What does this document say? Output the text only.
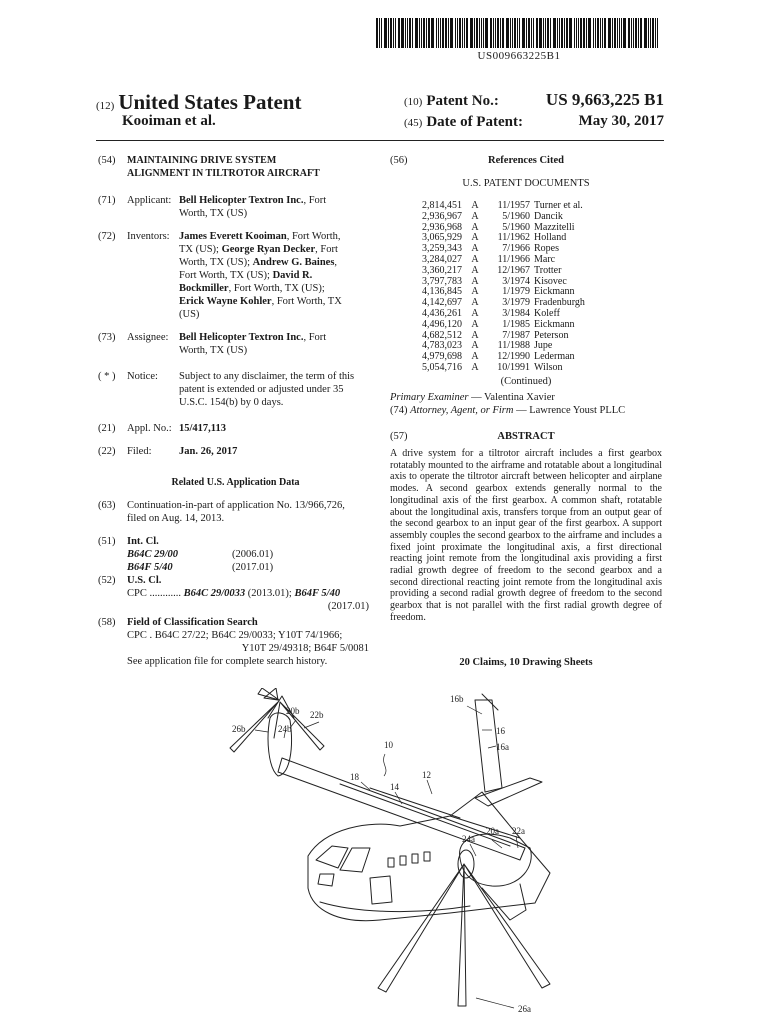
US009663225B1
(12) United States Patent
Kooiman et al.
(10) Patent No.:	US 9,663,225 B1
(45) Date of Patent:	May 30, 2017
(54)	MAINTAINING DRIVE SYSTEM
ALIGNMENT IN TILTROTOR AIRCRAFT
(71)	Applicant: Bell Helicopter Textron Inc., Fort
Worth, TX (US)
(72)	Inventors: James Everett Kooiman, Fort Worth,
TX (US); George Ryan Decker, Fort
Worth, TX (US); Andrew G. Baines,
Fort Worth, TX (US); David R.
Bockmiller, Fort Worth, TX (US);
Erick Wayne Kohler, Fort Worth, TX
(US)
(73)	Assignee:	Bell Helicopter Textron Inc., Fort
Worth, TX (US)
( * )	Notice:	Subject to any disclaimer, the term of this
patent is extended or adjusted under 35
U.S.C. 154(b) by 0 days.
(21)	Appl. No.: 15/417,113
(22)	Filed:	Jan. 26, 2017
Related U.S. Application Data
(63)	Continuation-in-part of application No. 13/966,726,
filed on Aug. 14, 2013.
(51)	Int. Cl.
B64C 29/00	(2006.01)
B64F 5/40	(2017.01)
(52)	U.S. Cl.
CPC ............ B64C 29/0033 (2013.01); B64F 5/40
(2017.01)
(58)	Field of Classification Search
CPC . B64C 27/22; B64C 29/0033; Y10T 74/1966;
Y10T 29/49318; B64F 5/0081
See application file for complete search history.
(56)	References Cited
U.S. PATENT DOCUMENTS
2,814,451 A	11/1957 Turner et al.
2,936,967 A	5/1960 Dancik
2,936,968 A	5/1960 Mazzitelli
3,065,929 A	11/1962 Holland
3,259,343 A	7/1966 Ropes
3,284,027 A	11/1966 Marc
3,360,217 A	12/1967 Trotter
3,797,783 A	3/1974 Kisovec
4,136,845 A	1/1979 Eickmann
4,142,697 A	3/1979 Fradenburgh
4,436,261 A	3/1984 Koleff
4,496,120 A	1/1985 Eickmann
4,682,512 A	7/1987 Peterson
4,783,023 A	11/1988 Jupe
4,979,698 A	12/1990 Lederman
5,054,716 A	10/1991 Wilson
(Continued)
Primary Examiner — Valentina Xavier
(74) Attorney, Agent, or Firm — Lawrence Youst PLLC
(57)	ABSTRACT
A drive system for a tiltrotor aircraft includes a first gearbox rotatably mounted to the airframe and rotatable about a longitudinal axis to operate the tiltrotor aircraft between helicopter and airplane modes. A second gearbox extends generally normal to the longitudinal axis of the first gearbox. A common shaft, rotatable about the longitudinal axis, transfers torque from an output gear of the second gearbox to an input gear of the first gearbox. A support assembly couples the second gearbox to the airframe and includes a fixed joint proximate the longitudinal axis, a first directional reacting joint remote from the longitudinal axis providing a first radial growth degree of freedom to the second gearbox and a second directional reacting joint remote from the longitudinal axis providing a second radial growth degree of freedom to the second gearbox that is not parallel with the first radial growth degree of freedom.
20 Claims, 10 Drawing Sheets
16b
20b 22b
26b	24b
10
16
16a
18	12
14
20a
24a
22a
26a
